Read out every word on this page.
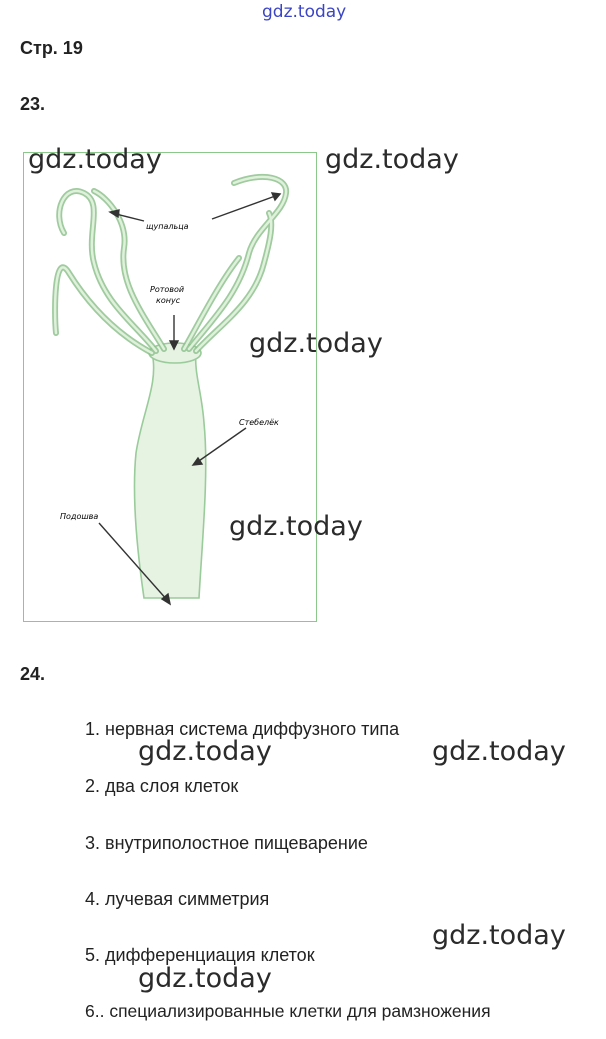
gdz.today
Стр. 19
23.
щупальца
Ротовой
конус
Стебелёк
Подошва
gdz.today	gdz.today
gdz.today
gdz.today
24.
1. нервная система диффузного типа
2. два слоя клеток
3. внутриполостное пищеварение
4. лучевая симметрия
5. дифференциация клеток
6.. специализированные клетки для рамзножения
gdz.today	gdz.today
gdz.today
gdz.today
